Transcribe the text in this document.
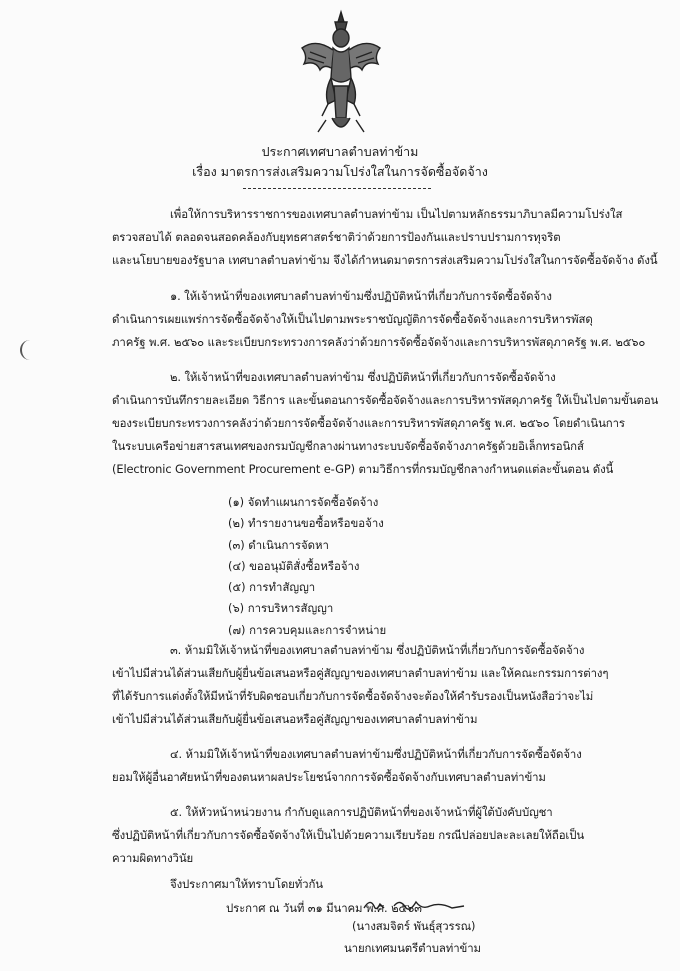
ประกาศเทศบาลตำบลท่าข้าม
เรื่อง มาตรการส่งเสริมความโปร่งใสในการจัดซื้อจัดจ้าง
เพื่อให้การบริหารราชการของเทศบาลตำบลท่าข้าม เป็นไปตามหลักธรรมาภิบาลมีความโปร่งใส
ตรวจสอบได้ ตลอดจนสอดคล้องกับยุทธศาสตร์ชาติว่าด้วยการป้องกันและปราบปรามการทุจริต
และนโยบายของรัฐบาล เทศบาลตำบลท่าข้าม จึงได้กำหนดมาตรการส่งเสริมความโปร่งใสในการจัดซื้อจัดจ้าง ดังนี้
๑. ให้เจ้าหน้าที่ของเทศบาลตำบลท่าข้ามซึ่งปฏิบัติหน้าที่เกี่ยวกับการจัดซื้อจัดจ้าง
ดำเนินการเผยแพร่การจัดซื้อจัดจ้างให้เป็นไปตามพระราชบัญญัติการจัดซื้อจัดจ้างและการบริหารพัสดุ
ภาครัฐ พ.ศ. ๒๕๖๐ และระเบียบกระทรวงการคลังว่าด้วยการจัดซื้อจัดจ้างและการบริหารพัสดุภาครัฐ พ.ศ. ๒๕๖๐
๒. ให้เจ้าหน้าที่ของเทศบาลตำบลท่าข้าม ซึ่งปฏิบัติหน้าที่เกี่ยวกับการจัดซื้อจัดจ้าง
ดำเนินการบันทึกรายละเอียด วิธีการ และขั้นตอนการจัดซื้อจัดจ้างและการบริหารพัสดุภาครัฐ ให้เป็นไปตามขั้นตอน
ของระเบียบกระทรวงการคลังว่าด้วยการจัดซื้อจัดจ้างและการบริหารพัสดุภาครัฐ พ.ศ. ๒๕๖๐ โดยดำเนินการ
ในระบบเครือข่ายสารสนเทศของกรมบัญชีกลางผ่านทางระบบจัดซื้อจัดจ้างภาครัฐด้วยอิเล็กทรอนิกส์
(Electronic Government Procurement e-GP) ตามวิธีการที่กรมบัญชีกลางกำหนดแต่ละขั้นตอน ดังนี้
(๑) จัดทำแผนการจัดซื้อจัดจ้าง
(๒) ทำรายงานขอซื้อหรือขอจ้าง
(๓) ดำเนินการจัดหา
(๔) ขออนุมัติสั่งซื้อหรือจ้าง
(๕) การทำสัญญา
(๖) การบริหารสัญญา
(๗) การควบคุมและการจำหน่าย
๓. ห้ามมิให้เจ้าหน้าที่ของเทศบาลตำบลท่าข้าม ซึ่งปฏิบัติหน้าที่เกี่ยวกับการจัดซื้อจัดจ้าง
เข้าไปมีส่วนได้ส่วนเสียกับผู้ยื่นข้อเสนอหรือคู่สัญญาของเทศบาลตำบลท่าข้าม และให้คณะกรรมการต่างๆ
ที่ได้รับการแต่งตั้งให้มีหน้าที่รับผิดชอบเกี่ยวกับการจัดซื้อจัดจ้างจะต้องให้คำรับรองเป็นหนังสือว่าจะไม่
เข้าไปมีส่วนได้ส่วนเสียกับผู้ยื่นข้อเสนอหรือคู่สัญญาของเทศบาลตำบลท่าข้าม
๔. ห้ามมิให้เจ้าหน้าที่ของเทศบาลตำบลท่าข้ามซึ่งปฏิบัติหน้าที่เกี่ยวกับการจัดซื้อจัดจ้าง
ยอมให้ผู้อื่นอาศัยหน้าที่ของตนหาผลประโยชน์จากการจัดซื้อจัดจ้างกับเทศบาลตำบลท่าข้าม
๕. ให้หัวหน้าหน่วยงาน กำกับดูแลการปฏิบัติหน้าที่ของเจ้าหน้าที่ผู้ใต้บังคับบัญชา
ซึ่งปฏิบัติหน้าที่เกี่ยวกับการจัดซื้อจัดจ้างให้เป็นไปด้วยความเรียบร้อย กรณีปล่อยปละละเลยให้ถือเป็น
ความผิดทางวินัย
จึงประกาศมาให้ทราบโดยทั่วกัน
ประกาศ ณ วันที่ ๓๑ มีนาคม พ.ศ. ๒๕๖๓
(นางสมจิตร์ พันธุ์สุวรรณ)
นายกเทศมนตรีตำบลท่าข้าม
